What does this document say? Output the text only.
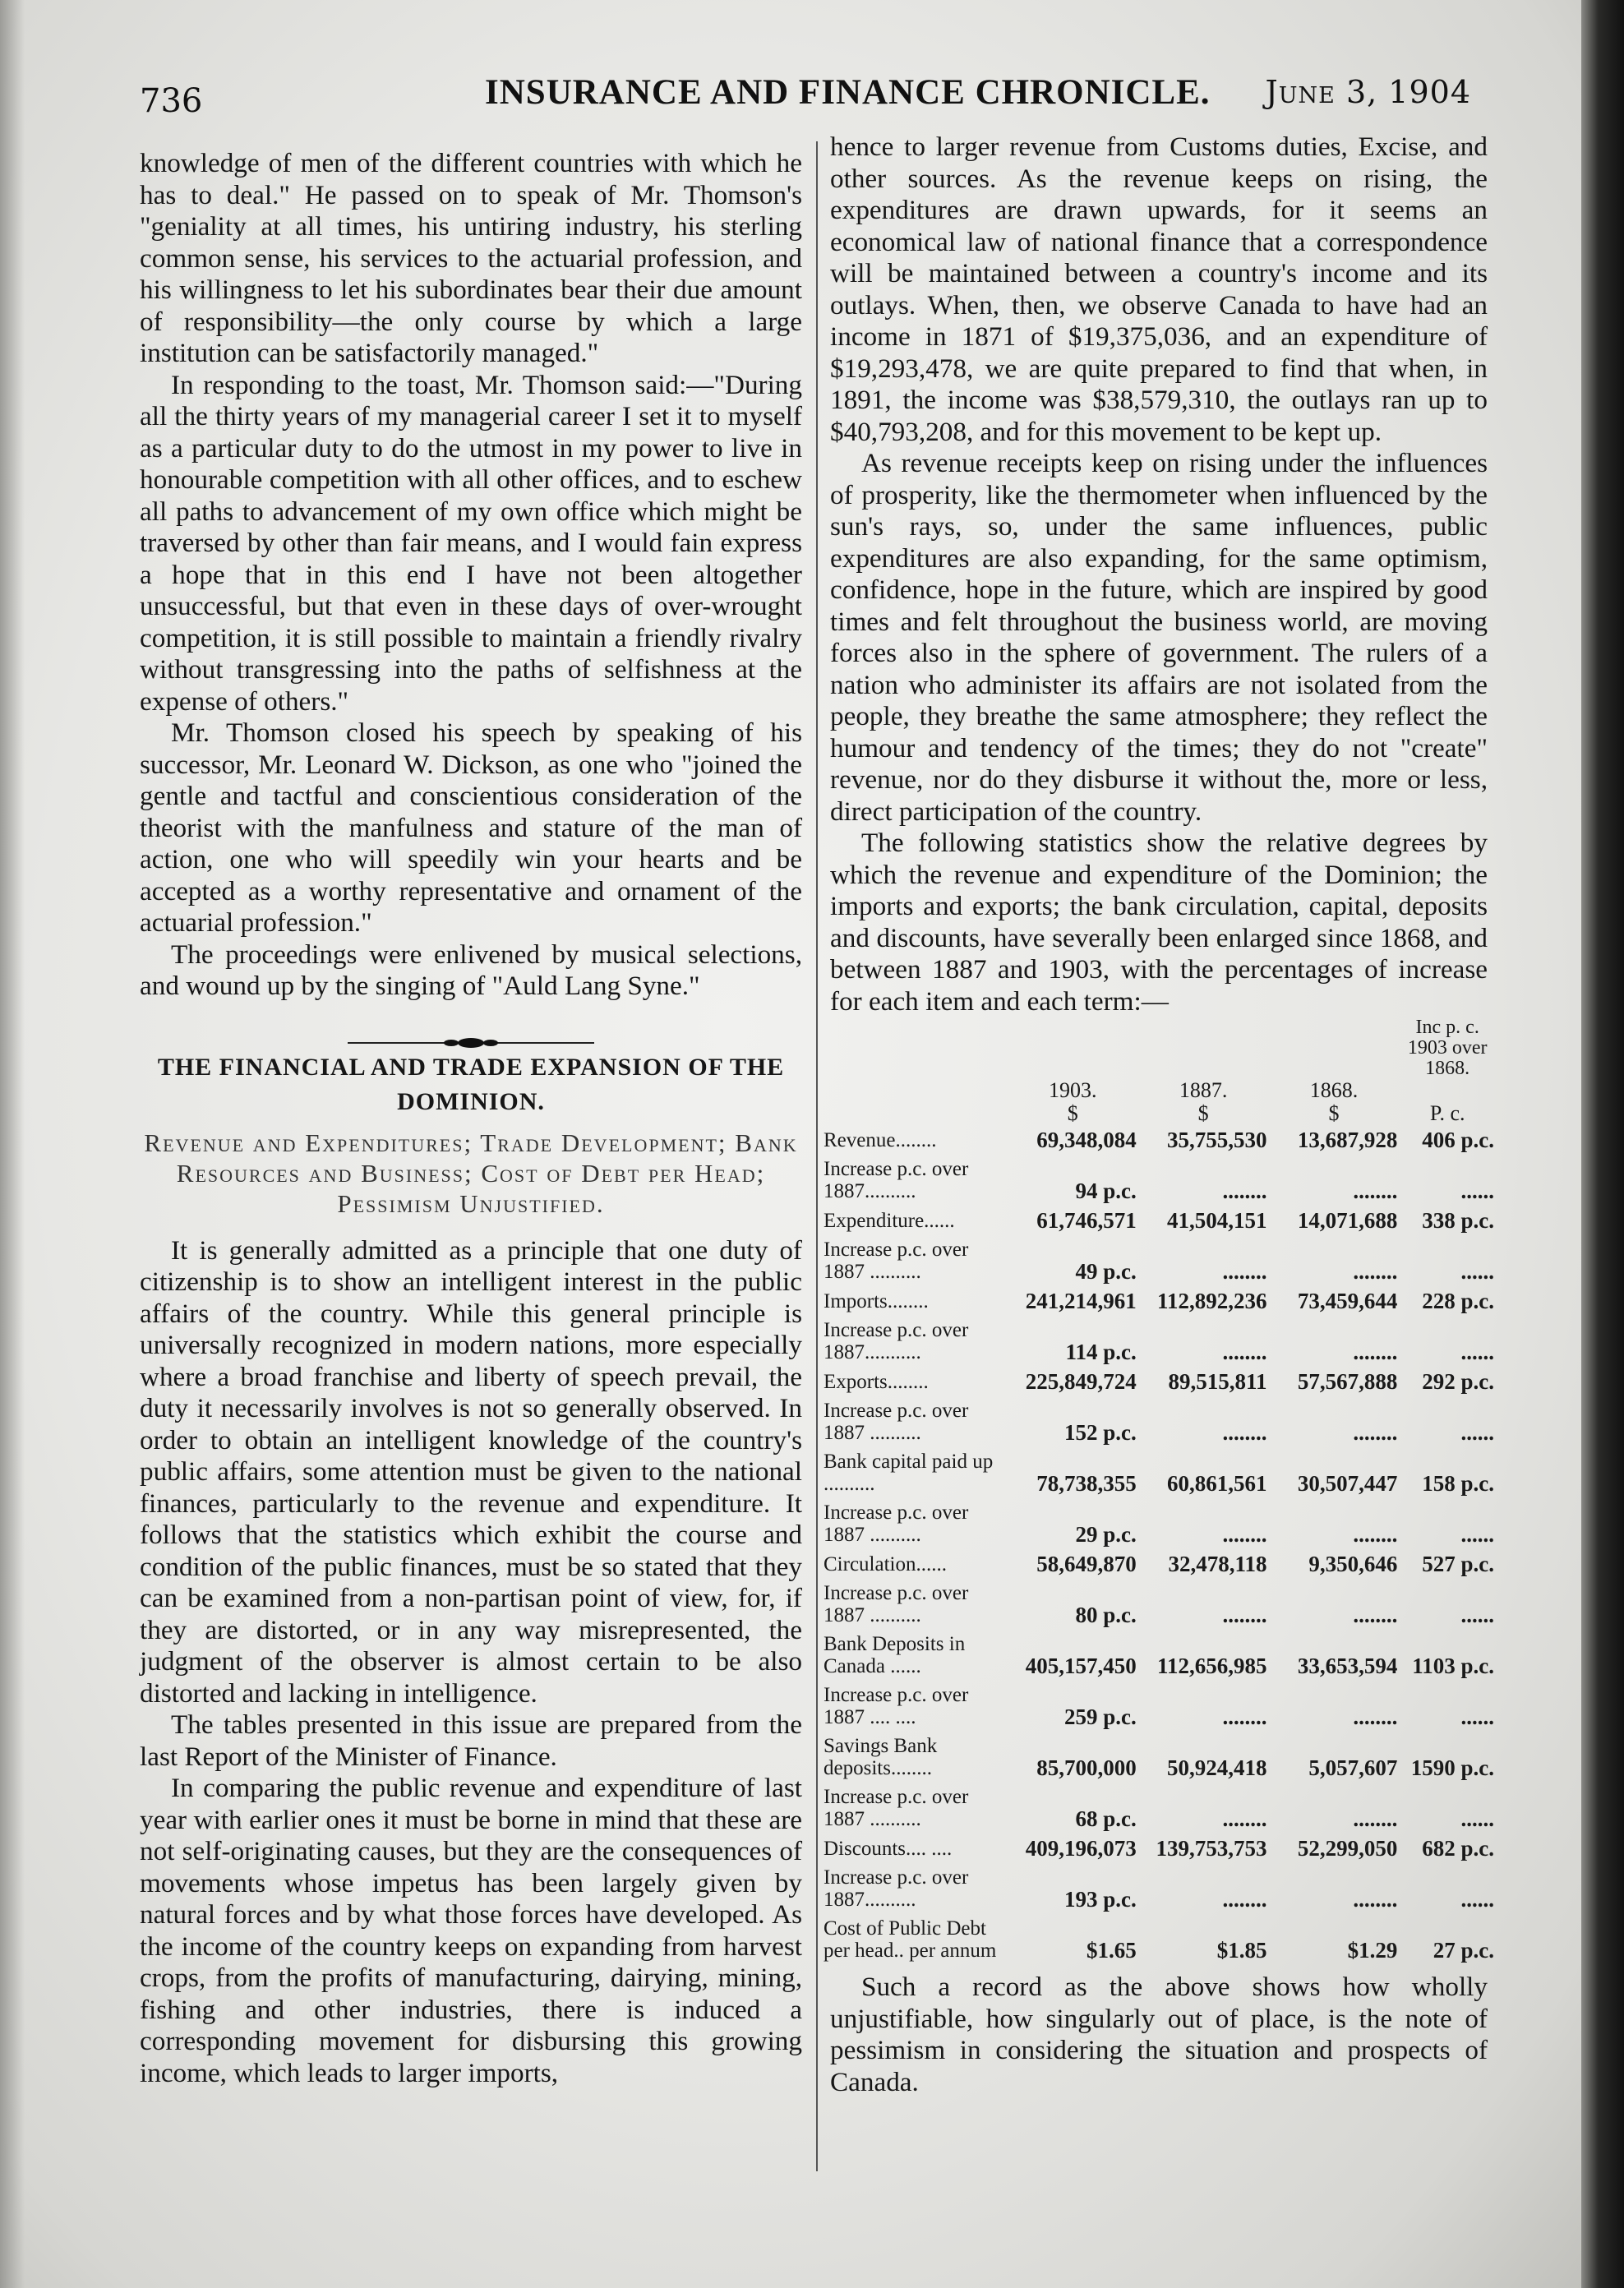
736	INSURANCE AND FINANCE CHRONICLE. June 3, 1904

knowledge of men of the different countries with which he has to deal." He passed on to speak of Mr. Thomson's "geniality at all times, his untiring industry, his sterling common sense, his services to the actuarial profession, and his willingness to let his subordinates bear their due amount of responsibility—the only course by which a large institution can be satisfactorily managed."

In responding to the toast, Mr. Thomson said:—"During all the thirty years of my managerial career I set it to myself as a particular duty to do the utmost in my power to live in honourable competition with all other offices, and to eschew all paths to advancement of my own office which might be traversed by other than fair means, and I would fain express a hope that in this end I have not been altogether unsuccessful, but that even in these days of over-wrought competition, it is still possible to maintain a friendly rivalry without transgressing into the paths of selfishness at the expense of others."

Mr. Thomson closed his speech by speaking of his successor, Mr. Leonard W. Dickson, as one who "joined the gentle and tactful and conscientious consideration of the theorist with the manfulness and stature of the man of action, one who will speedily win your hearts and be accepted as a worthy representative and ornament of the actuarial profession."

The proceedings were enlivened by musical selections, and wound up by the singing of "Auld Lang Syne."

THE FINANCIAL AND TRADE EXPANSION OF THE DOMINION.
Revenue and Expenditures; Trade Development; Bank Resources and Business; Cost of Debt per Head; Pessimism Unjustified.

It is generally admitted as a principle that one duty of citizenship is to show an intelligent interest in the public affairs of the country. While this general principle is universally recognized in modern nations, more especially where a broad franchise and liberty of speech prevail, the duty it necessarily involves is not so generally observed. In order to obtain an intelligent knowledge of the country's public affairs, some attention must be given to the national finances, particularly to the revenue and expenditure. It follows that the statistics which exhibit the course and condition of the public finances, must be so stated that they can be examined from a non-partisan point of view, for, if they are distorted, or in any way misrepresented, the judgment of the observer is almost certain to be also distorted and lacking in intelligence.

The tables presented in this issue are prepared from the last Report of the Minister of Finance.

In comparing the public revenue and expenditure of last year with earlier ones it must be borne in mind that these are not self-originating causes, but they are the consequences of movements whose impetus has been largely given by natural forces and by what those forces have developed. As the income of the country keeps on expanding from harvest crops, from the profits of manufacturing, dairying, mining, fishing and other industries, there is induced a corresponding movement for disbursing this growing income, which leads to larger imports,

hence to larger revenue from Customs duties, Excise, and other sources. As the revenue keeps on rising, the expenditures are drawn upwards, for it seems an economical law of national finance that a correspondence will be maintained between a country's income and its outlays. When, then, we observe Canada to have had an income in 1871 of $19,375,036, and an expenditure of $19,293,478, we are quite prepared to find that when, in 1891, the income was $38,579,310, the outlays ran up to $40,793,208, and for this movement to be kept up.

As revenue receipts keep on rising under the influences of prosperity, like the thermometer when influenced by the sun's rays, so, under the same influences, public expenditures are also expanding, for the same optimism, confidence, hope in the future, which are inspired by good times and felt throughout the business world, are moving forces also in the sphere of government. The rulers of a nation who administer its affairs are not isolated from the people, they breathe the same atmosphere; they reflect the humour and tendency of the times; they do not "create" revenue, nor do they disburse it without the, more or less, direct participation of the country.

The following statistics show the relative degrees by which the revenue and expenditure of the Dominion; the imports and exports; the bank circulation, capital, deposits and discounts, have severally been enlarged since 1868, and between 1887 and 1903, with the percentages of increase for each item and each term:—

				Inc p. c. 1903 over 1868.
	1903.	1887.	1868.	
	$	$	$	P. c.
Revenue........	69,348,084	35,755,530	13,687,928	406 p.c.
Increase p.c. over 1887..........	94 p.c.	........	........	......
Expenditure......	61,746,571	41,504,151	14,071,688	338 p.c.
Increase p.c. over 1887 ..........	49 p.c.	........	........	......
Imports........	241,214,961	112,892,236	73,459,644	228 p.c.
Increase p.c. over 1887...........	114 p.c.	........	........	......
Exports........	225,849,724	89,515,811	57,567,888	292 p.c.
Increase p.c. over 1887 ..........	152 p.c.	........	........	......
Bank capital paid up ..........	78,738,355	60,861,561	30,507,447	158 p.c.
Increase p.c. over 1887 ..........	29 p.c.	........	........	......
Circulation......	58,649,870	32,478,118	9,350,646	527 p.c.
Increase p.c. over 1887 ..........	80 p.c.	........	........	......
Bank Deposits in Canada ......	405,157,450	112,656,985	33,653,594	1103 p.c.
Increase p.c. over 1887 .... ....	259 p.c.	........	........	......
Savings Bank deposits........	85,700,000	50,924,418	5,057,607	1590 p.c.
Increase p.c. over 1887 ..........	68 p.c.	........	........	......
Discounts.... ....	409,196,073	139,753,753	52,299,050	682 p.c.
Increase p.c. over 1887..........	193 p.c.	........	........	......
Cost of Public Debt per head.. per annum	$1.65	$1.85	$1.29	27 p.c.

Such a record as the above shows how wholly unjustifiable, how singularly out of place, is the note of pessimism in considering the situation and prospects of Canada.
